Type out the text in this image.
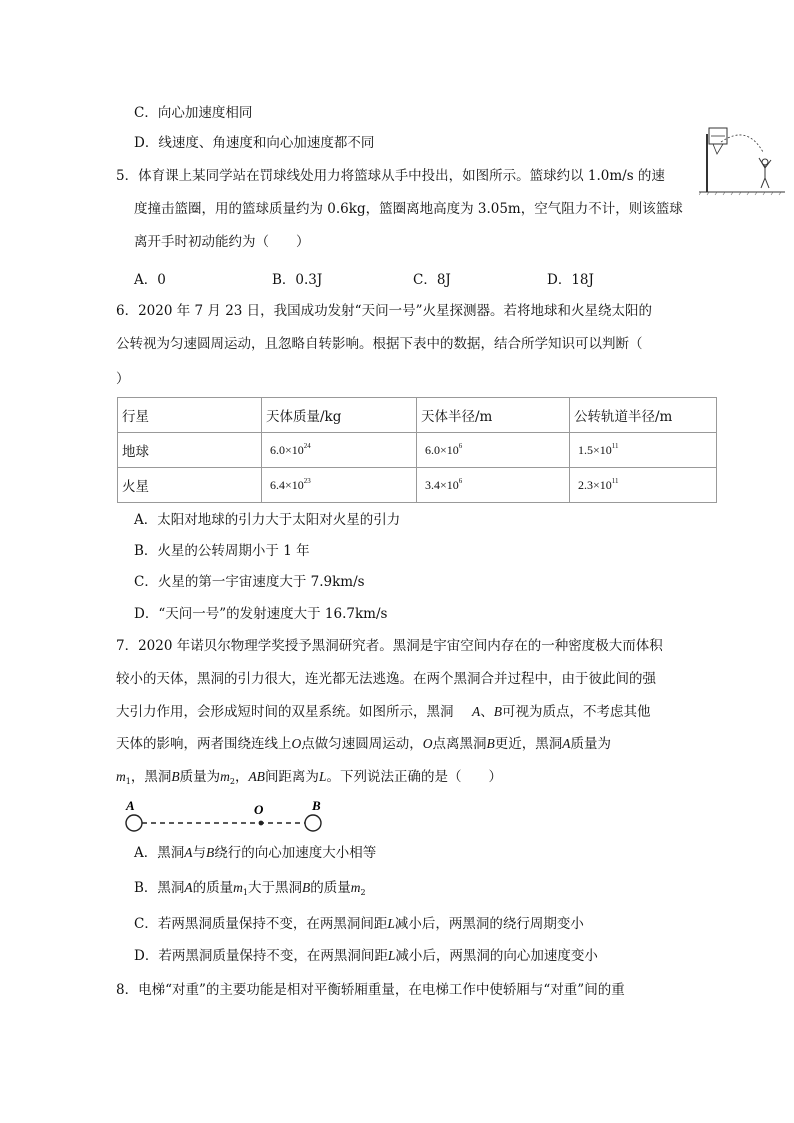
C．向心加速度相同
D．线速度、角速度和向心加速度都不同
5．体育课上某同学站在罚球线处用力将篮球从手中投出，如图所示。篮球约以 1.0m/s 的速
度撞击篮圈，用的篮球质量约为 0.6kg，篮圈离地高度为 3.05m，空气阻力不计，则该篮球
离开手时初动能约为（　　）
A．0	B．0.3J	C．8J	D．18J
6．2020 年 7 月 23 日，我国成功发射“天问一号”火星探测器。若将地球和火星绕太阳的
公转视为匀速圆周运动，且忽略自转影响。根据下表中的数据，结合所学知识可以判断（
）
行星	天体质量/kg	天体半径/m	公转轨道半径/m
地球	$6.0\times 10^{24}$	$6.0\times 10^6$	$1.5\times 10^{11}$
火星	$6.4\times 10^{23}$	$3.4\times 10^6$	$2.3\times 10^{11}$
A．太阳对地球的引力大于太阳对火星的引力
B．火星的公转周期小于 1 年
C．火星的第一宇宙速度大于 7.9km/s
D．“天问一号”的发射速度大于 16.7km/s
7．2020 年诺贝尔物理学奖授予黑洞研究者。黑洞是宇宙空间内存在的一种密度极大而体积
较小的天体，黑洞的引力很大，连光都无法逃逸。在两个黑洞合并过程中，由于彼此间的强
大引力作用，会形成短时间的双星系统。如图所示，黑洞 A、B可视为质点，不考虑其他
天体的影响，两者围绕连线上O点做匀速圆周运动，O点离黑洞B更近，黑洞A质量为
$m_1$，黑洞B质量为$m_2$，AB间距离为L。下列说法正确的是（　　）
A	O	B
A．黑洞A与B绕行的向心加速度大小相等
B．黑洞A的质量$m_1$大于黑洞B的质量$m_2$
C．若两黑洞质量保持不变，在两黑洞间距L减小后，两黑洞的绕行周期变小
D．若两黑洞质量保持不变，在两黑洞间距L减小后，两黑洞的向心加速度变小
8．电梯“对重”的主要功能是相对平衡轿厢重量，在电梯工作中使轿厢与“对重”间的重
